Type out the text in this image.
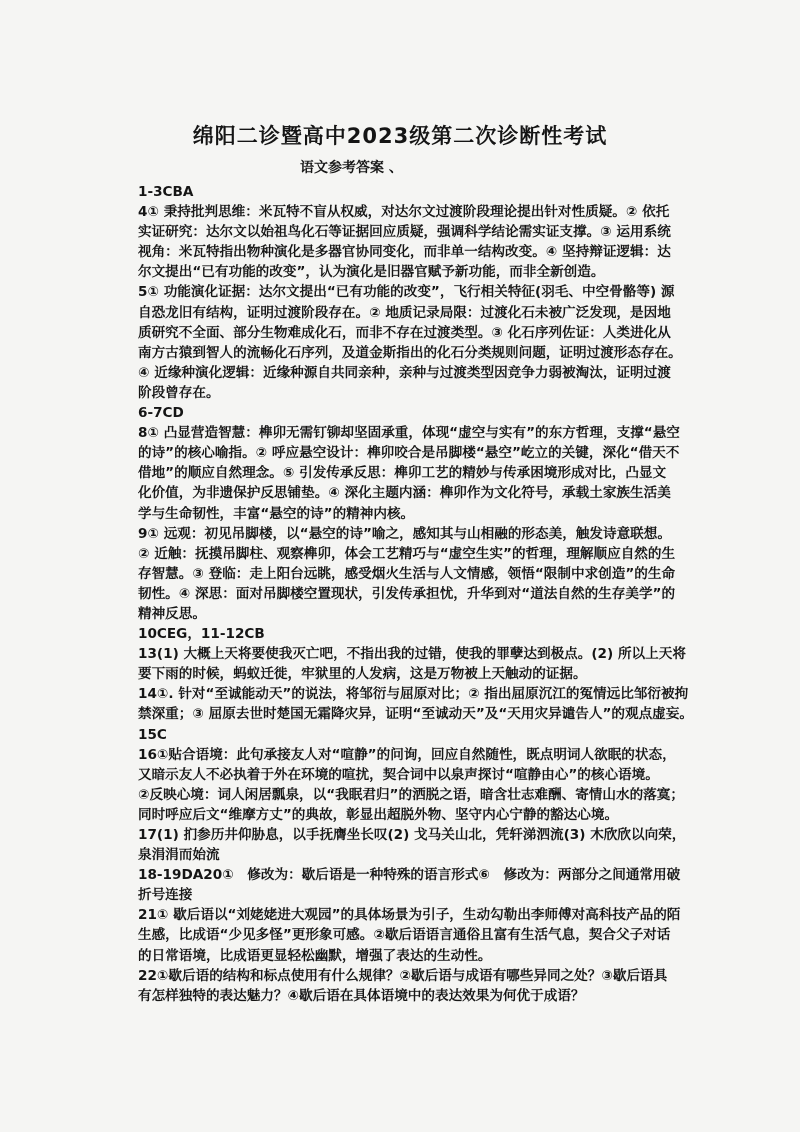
绵阳二诊暨高中2023级第二次诊断性考试
语文参考答案 、
1-3CBA
4① 秉持批判思维：米瓦特不盲从权威，对达尔文过渡阶段理论提出针对性质疑。② 依托
实证研究：达尔文以始祖鸟化石等证据回应质疑，强调科学结论需实证支撑。③ 运用系统
视角：米瓦特指出物种演化是多器官协同变化，而非单一结构改变。④ 坚持辩证逻辑：达
尔文提出“已有功能的改变”，认为演化是旧器官赋予新功能，而非全新创造。
5① 功能演化证据：达尔文提出“已有功能的改变”，飞行相关特征(羽毛、中空骨骼等) 源
自恐龙旧有结构，证明过渡阶段存在。② 地质记录局限：过渡化石未被广泛发现，是因地
质研究不全面、部分生物难成化石，而非不存在过渡类型。③ 化石序列佐证：人类进化从
南方古猿到智人的流畅化石序列，及道金斯指出的化石分类规则问题，证明过渡形态存在。
④ 近缘种演化逻辑：近缘种源自共同亲种，亲种与过渡类型因竞争力弱被淘汰，证明过渡
阶段曾存在。
6-7CD
8① 凸显营造智慧：榫卯无需钉铆却坚固承重，体现“虚空与实有”的东方哲理，支撑“悬空
的诗”的核心喻指。② 呼应悬空设计：榫卯咬合是吊脚楼“悬空”屹立的关键，深化“借天不
借地”的顺应自然理念。⑤ 引发传承反思：榫卯工艺的精妙与传承困境形成对比，凸显文
化价值，为非遗保护反思铺垫。④ 深化主题内涵：榫卯作为文化符号，承载土家族生活美
学与生命韧性，丰富“悬空的诗”的精神内核。
9① 远观：初见吊脚楼，以“悬空的诗”喻之，感知其与山相融的形态美，触发诗意联想。
② 近触：抚摸吊脚柱、观察榫卯，体会工艺精巧与“虚空生实”的哲理，理解顺应自然的生
存智慧。③ 登临：走上阳台远眺，感受烟火生活与人文情感，领悟“限制中求创造”的生命
韧性。④ 深思：面对吊脚楼空置现状，引发传承担忧，升华到对“道法自然的生存美学”的
精神反思。
10CEG，11-12CB
13(1) 大概上天将要使我灭亡吧，不指出我的过错，使我的罪孽达到极点。(2) 所以上天将
要下雨的时候，蚂蚁迁徙，牢狱里的人发病，这是万物被上天触动的证据。
14①. 针对“至诚能动天”的说法，将邹衍与屈原对比；② 指出屈原沉江的冤情远比邹衍被拘
禁深重；③ 屈原去世时楚国无霜降灾异，证明“至诚动天”及“天用灾异谴告人”的观点虚妄。
15C
16①贴合语境：此句承接友人对“喧静”的问询，回应自然随性，既点明词人欲眠的状态，
又暗示友人不必执着于外在环境的喧扰，契合词中以泉声探讨“喧静由心”的核心语境。
②反映心境：词人闲居瓢泉，以“我眠君归”的洒脱之语，暗含壮志难酬、寄情山水的落寞；
同时呼应后文“维摩方丈”的典故，彰显出超脱外物、坚守内心宁静的豁达心境。
17(1) 扪参历井仰胁息，以手抚膺坐长叹(2) 戈马关山北，凭轩涕泗流(3) 木欣欣以向荣，
泉涓涓而始流
18-19DA20①　修改为：歇后语是一种特殊的语言形式⑥　修改为：两部分之间通常用破
折号连接
21① 歇后语以“刘姥姥进大观园”的具体场景为引子，生动勾勒出李师傅对高科技产品的陌
生感，比成语“少见多怪”更形象可感。②歇后语语言通俗且富有生活气息，契合父子对话
的日常语境，比成语更显轻松幽默，增强了表达的生动性。
22①歇后语的结构和标点使用有什么规律？②歇后语与成语有哪些异同之处？③歇后语具
有怎样独特的表达魅力？④歇后语在具体语境中的表达效果为何优于成语？
